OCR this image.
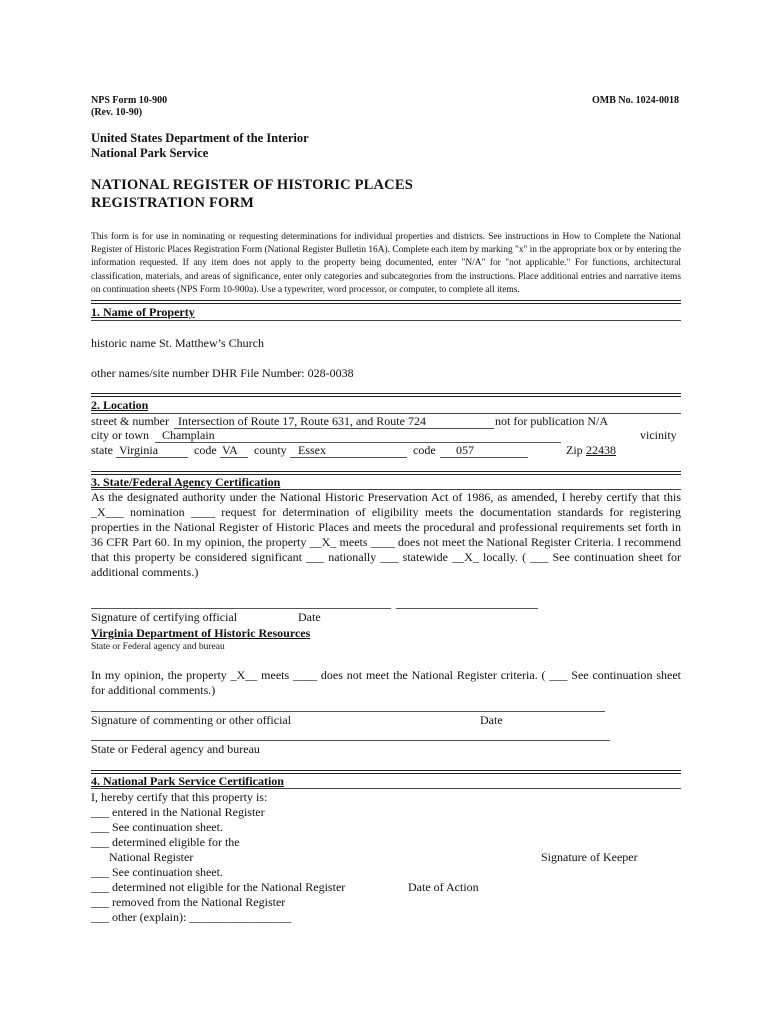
NPS Form 10-900
(Rev. 10-90)
OMB No. 1024-0018
United States Department of the Interior
National Park Service
NATIONAL REGISTER OF HISTORIC PLACES
REGISTRATION FORM
This form is for use in nominating or requesting determinations for individual properties and districts. See instructions in How to Complete the National Register of Historic Places Registration Form (National Register Bulletin 16A). Complete each item by marking "x" in the appropriate box or by entering the information requested. If any item does not apply to the property being documented, enter "N/A" for "not applicable." For functions, architectural classification, materials, and areas of significance, enter only categories and subcategories from the instructions. Place additional entries and narrative items on continuation sheets (NPS Form 10-900a). Use a typewriter, word processor, or computer, to complete all items.
1. Name of Property
historic name St. Matthew’s Church
other names/site number DHR File Number: 028-0038
2. Location
street & number Intersection of Route 17, Route 631, and Route 724	not for publication N/A
city or town Champlain	vicinity
state Virginia	code VA county Essex	code 057	Zip 22438
3. State/Federal Agency Certification
As the designated authority under the National Historic Preservation Act of 1986, as amended, I hereby certify that this _X___ nomination ____ request for determination of eligibility meets the documentation standards for registering properties in the National Register of Historic Places and meets the procedural and professional requirements set forth in 36 CFR Part 60. In my opinion, the property __X_ meets ____ does not meet the National Register Criteria. I recommend that this property be considered significant ___ nationally ___ statewide __X_ locally. ( ___ See continuation sheet for additional comments.)
Signature of certifying official	Date
Virginia Department of Historic Resources
State or Federal agency and bureau
In my opinion, the property _X__ meets ____ does not meet the National Register criteria. ( ___ See continuation sheet for additional comments.)
Signature of commenting or other official	Date
State or Federal agency and bureau
4. National Park Service Certification
I, hereby certify that this property is:
___ entered in the National Register
___ See continuation sheet.
___ determined eligible for the
National Register
___ See continuation sheet.
___ determined not eligible for the National Register
___ removed from the National Register
___ other (explain): _________________
Signature of Keeper
Date of Action
